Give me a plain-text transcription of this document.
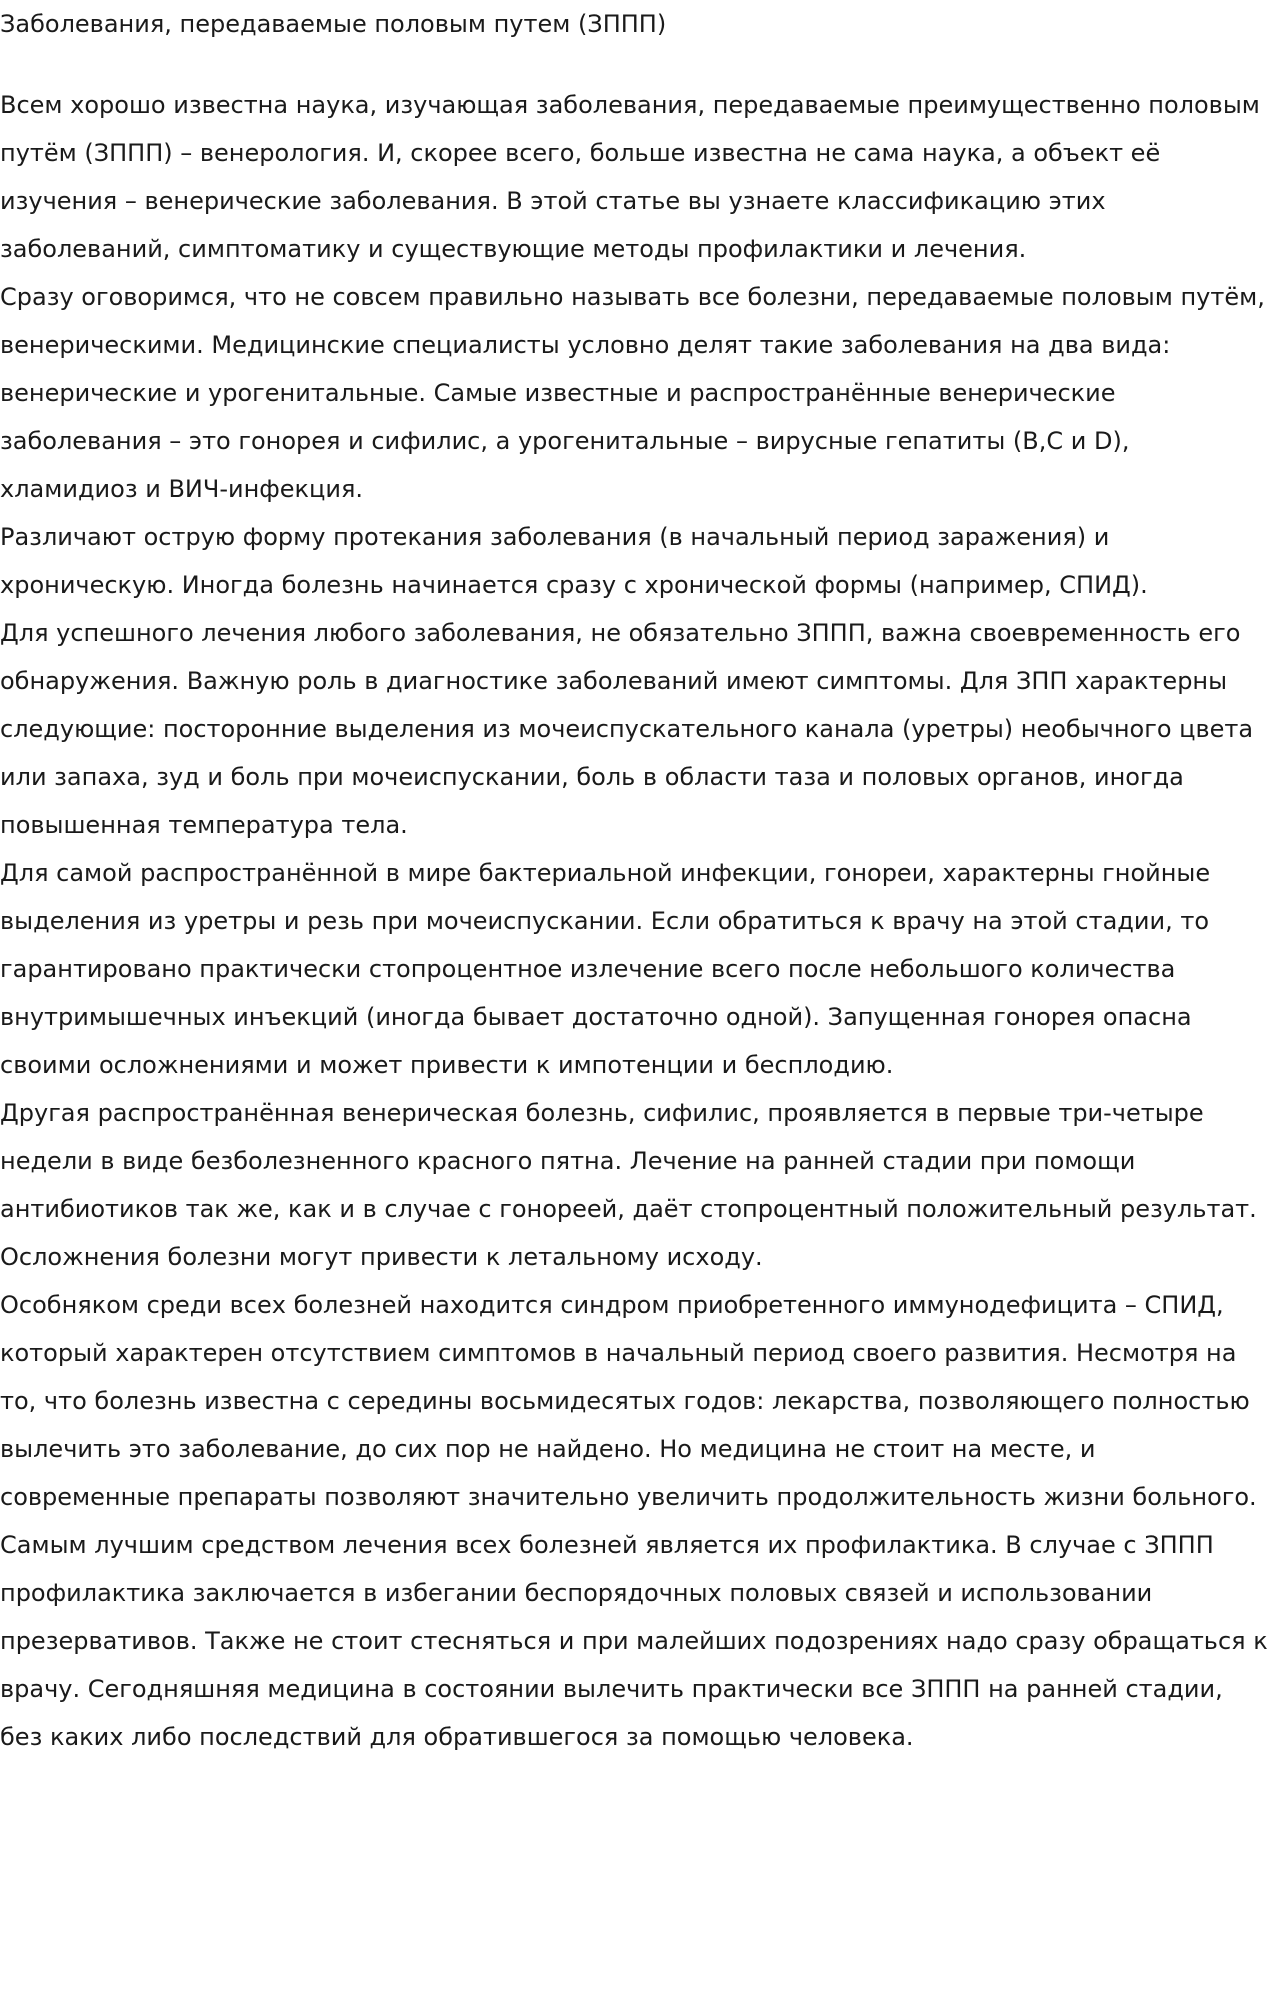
Заболевания, передаваемые половым путем (ЗППП)

Всем хорошо известна наука, изучающая заболевания, передаваемые преимущественно половым путём (ЗППП) – венерология. И, скорее всего, больше известна не сама наука, а объект её изучения – венерические заболевания. В этой статье вы узнаете классификацию этих заболеваний, симптоматику и существующие методы профилактики и лечения.

Сразу оговоримся, что не совсем правильно называть все болезни, передаваемые половым путём, венерическими. Медицинские специалисты условно делят такие заболевания на два вида: венерические и урогенитальные. Самые известные и распространённые венерические заболевания – это гонорея и сифилис, а урогенитальные – вирусные гепатиты (B,C и D), хламидиоз и ВИЧ-инфекция.

Различают острую форму протекания заболевания (в начальный период заражения) и хроническую. Иногда болезнь начинается сразу с хронической формы (например, СПИД).

Для успешного лечения любого заболевания, не обязательно ЗППП, важна своевременность его обнаружения. Важную роль в диагностике заболеваний имеют симптомы. Для ЗПП характерны следующие: посторонние выделения из мочеиспускательного канала (уретры) необычного цвета или запаха, зуд и боль при мочеиспускании, боль в области таза и половых органов, иногда повышенная температура тела.

Для самой распространённой в мире бактериальной инфекции, гонореи, характерны гнойные выделения из уретры и резь при мочеиспускании. Если обратиться к врачу на этой стадии, то гарантировано практически стопроцентное излечение всего после небольшого количества внутримышечных инъекций (иногда бывает достаточно одной). Запущенная гонорея опасна своими осложнениями и может привести к импотенции и бесплодию.

Другая распространённая венерическая болезнь, сифилис, проявляется в первые три-четыре недели в виде безболезненного красного пятна. Лечение на ранней стадии при помощи антибиотиков так же, как и в случае с гонореей, даёт стопроцентный положительный результат. Осложнения болезни могут привести к летальному исходу.

Особняком среди всех болезней находится синдром приобретенного иммунодефицита – СПИД, который характерен отсутствием симптомов в начальный период своего развития. Несмотря на то, что болезнь известна с середины восьмидесятых годов: лекарства, позволяющего полностью вылечить это заболевание, до сих пор не найдено. Но медицина не стоит на месте, и современные препараты позволяют значительно увеличить продолжительность жизни больного.

Самым лучшим средством лечения всех болезней является их профилактика. В случае с ЗППП профилактика заключается в избегании беспорядочных половых связей и использовании презервативов. Также не стоит стесняться и при малейших подозрениях надо сразу обращаться к врачу. Сегодняшняя медицина в состоянии вылечить практически все ЗППП на ранней стадии, без каких либо последствий для обратившегося за помощью человека.
